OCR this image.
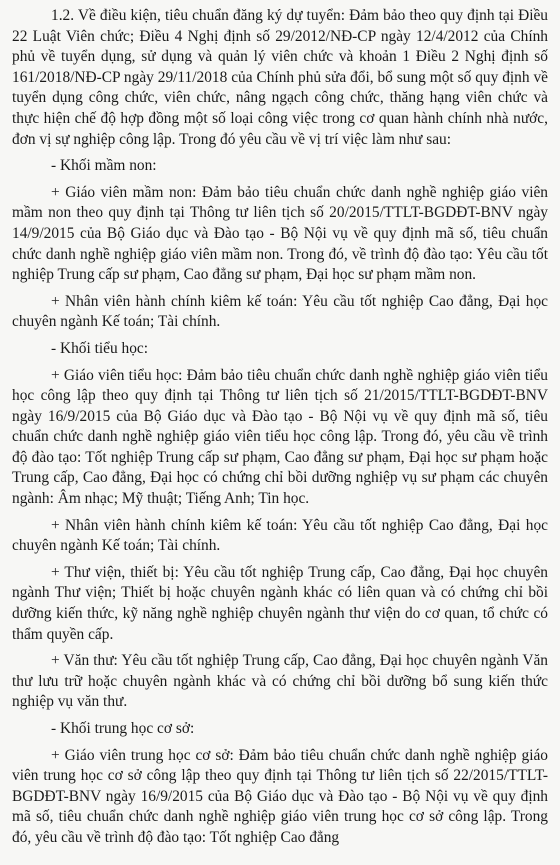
1.2. Về điều kiện, tiêu chuẩn đăng ký dự tuyển: Đảm bảo theo quy định tại Điều 22 Luật Viên chức; Điều 4 Nghị định số 29/2012/NĐ-CP ngày 12/4/2012 của Chính phủ về tuyển dụng, sử dụng và quản lý viên chức và khoản 1 Điều 2 Nghị định số 161/2018/NĐ-CP ngày 29/11/2018 của Chính phủ sửa đổi, bổ sung một số quy định về tuyển dụng công chức, viên chức, nâng ngạch công chức, thăng hạng viên chức và thực hiện chế độ hợp đồng một số loại công việc trong cơ quan hành chính nhà nước, đơn vị sự nghiệp công lập. Trong đó yêu cầu về vị trí việc làm như sau:

- Khối mầm non:

+ Giáo viên mầm non: Đảm bảo tiêu chuẩn chức danh nghề nghiệp giáo viên mầm non theo quy định tại Thông tư liên tịch số 20/2015/TTLT-BGDĐT-BNV ngày 14/9/2015 của Bộ Giáo dục và Đào tạo - Bộ Nội vụ về quy định mã số, tiêu chuẩn chức danh nghề nghiệp giáo viên mầm non. Trong đó, về trình độ đào tạo: Yêu cầu tốt nghiệp Trung cấp sư phạm, Cao đẳng sư phạm, Đại học sư phạm mầm non.

+ Nhân viên hành chính kiêm kế toán: Yêu cầu tốt nghiệp Cao đẳng, Đại học chuyên ngành Kế toán; Tài chính.

- Khối tiểu học:

+ Giáo viên tiểu học: Đảm bảo tiêu chuẩn chức danh nghề nghiệp giáo viên tiểu học công lập theo quy định tại Thông tư liên tịch số 21/2015/TTLT-BGDĐT-BNV ngày 16/9/2015 của Bộ Giáo dục và Đào tạo - Bộ Nội vụ về quy định mã số, tiêu chuẩn chức danh nghề nghiệp giáo viên tiểu học công lập. Trong đó, yêu cầu về trình độ đào tạo: Tốt nghiệp Trung cấp sư phạm, Cao đẳng sư phạm, Đại học sư phạm hoặc Trung cấp, Cao đẳng, Đại học có chứng chỉ bồi dưỡng nghiệp vụ sư phạm các chuyên ngành: Âm nhạc; Mỹ thuật; Tiếng Anh; Tin học.

+ Nhân viên hành chính kiêm kế toán: Yêu cầu tốt nghiệp Cao đẳng, Đại học chuyên ngành Kế toán; Tài chính.

+ Thư viện, thiết bị: Yêu cầu tốt nghiệp Trung cấp, Cao đẳng, Đại học chuyên ngành Thư viện; Thiết bị hoặc chuyên ngành khác có liên quan và có chứng chỉ bồi dưỡng kiến thức, kỹ năng nghề nghiệp chuyên ngành thư viện do cơ quan, tổ chức có thẩm quyền cấp.

+ Văn thư: Yêu cầu tốt nghiệp Trung cấp, Cao đẳng, Đại học chuyên ngành Văn thư lưu trữ hoặc chuyên ngành khác và có chứng chỉ bồi dưỡng bổ sung kiến thức nghiệp vụ văn thư.

- Khối trung học cơ sở:

+ Giáo viên trung học cơ sở: Đảm bảo tiêu chuẩn chức danh nghề nghiệp giáo viên trung học cơ sở công lập theo quy định tại Thông tư liên tịch số 22/2015/TTLT-BGDĐT-BNV ngày 16/9/2015 của Bộ Giáo dục và Đào tạo - Bộ Nội vụ về quy định mã số, tiêu chuẩn chức danh nghề nghiệp giáo viên trung học cơ sở công lập. Trong đó, yêu cầu về trình độ đào tạo: Tốt nghiệp Cao đẳng
